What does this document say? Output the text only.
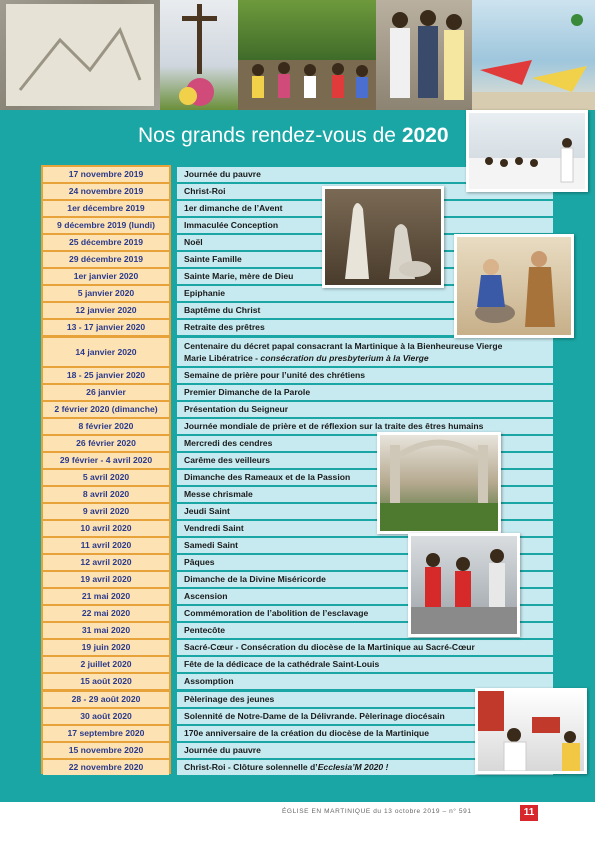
Nos grands rendez-vous de 2020
17 novembre 2019	Journée du pauvre
24 novembre 2019	Christ-Roi
1er décembre 2019	1er dimanche de l’Avent
9 décembre 2019 (lundi)	Immaculée Conception
25 décembre 2019	Noël
29 décembre 2019	Sainte Famille
1er janvier 2020	Sainte Marie, mère de Dieu
5 janvier 2020	Epiphanie
12 janvier 2020	Baptême du Christ
13 - 17 janvier 2020	Retraite des prêtres
14 janvier 2020
Centenaire du décret papal consacrant la Martinique à la Bienheureuse Vierge
Marie Libératrice - consécration du presbyterium à la Vierge
18 - 25 janvier 2020	Semaine de prière pour l’unité des chrétiens
26 janvier	Premier Dimanche de la Parole
2 février 2020 (dimanche)	Présentation du Seigneur
8 février 2020	Journée mondiale de prière et de réflexion sur la traite des êtres humains
26 février 2020	Mercredi des cendres
29 février - 4 avril 2020	Carême des veilleurs
5 avril 2020	Dimanche des Rameaux et de la Passion
8 avril 2020	Messe chrismale
9 avril 2020	Jeudi Saint
10 avril 2020	Vendredi Saint
11 avril 2020	Samedi Saint
12 avril 2020	Pâques
19 avril 2020	Dimanche de la Divine Miséricorde
21 mai 2020	Ascension
22 mai 2020	Commémoration de l’abolition de l’esclavage
31 mai 2020	Pentecôte
19 juin 2020	Sacré-Cœur - Consécration du diocèse de la Martinique au Sacré-Cœur
2 juillet 2020	Fête de la dédicace de la cathédrale Saint-Louis
15 août 2020	Assomption
28 - 29 août 2020	Pèlerinage des jeunes
30 août 2020	Solennité de Notre-Dame de la Délivrande. Pèlerinage diocésain
17 septembre 2020	170e anniversaire de la création du diocèse de la Martinique
15 novembre 2020	Journée du pauvre
22 novembre 2020	Christ-Roi - Clôture solennelle d’Ecclesia’M 2020 !
ÉGLISE EN MARTINIQUE du 13 octobre 2019 – n° 591	11
